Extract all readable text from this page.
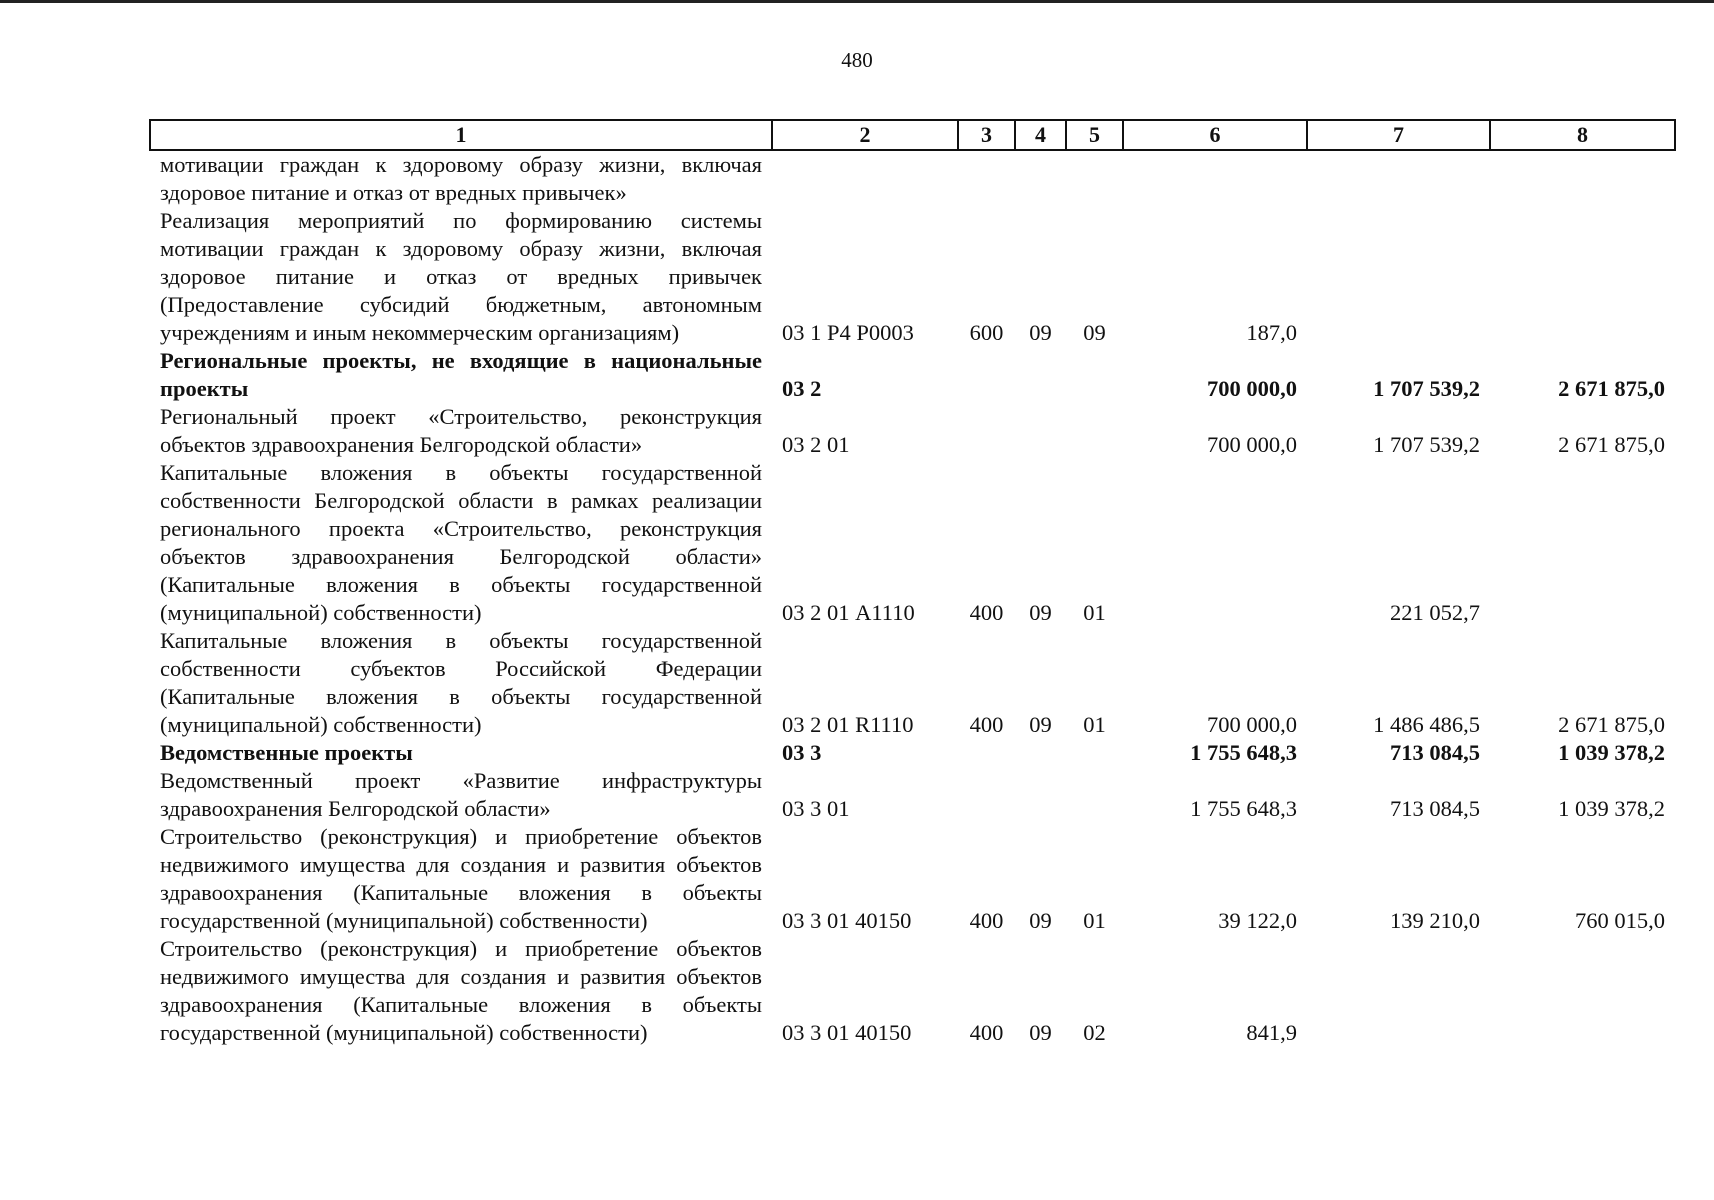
480
1	2	3	4	5	6	7	8
мотивации граждан к здоровому образу жизни, включая здоровое питание и отказ от вредных привычек»							
Реализация мероприятий по формированию системы мотивации граждан к здоровому образу жизни, включая здоровое питание и отказ от вредных привычек (Предоставление субсидий бюджетным, автономным учреждениям и иным некоммерческим организациям)	03 1 Р4 Р0003	600	09	09	187,0		
Региональные проекты, не входящие в национальные проекты	03 2				700 000,0	1 707 539,2	2 671 875,0
Региональный проект «Строительство, реконструкция объектов здравоохранения Белгородской области»	03 2 01				700 000,0	1 707 539,2	2 671 875,0
Капитальные вложения в объекты государственной собственности Белгородской области в рамках реализации регионального проекта «Строительство, реконструкция объектов здравоохранения Белгородской области» (Капитальные вложения в объекты государственной (муниципальной) собственности)	03 2 01 А1110	400	09	01		221 052,7	
Капитальные вложения в объекты государственной собственности субъектов Российской Федерации (Капитальные вложения в объекты государственной (муниципальной) собственности)	03 2 01 R1110	400	09	01	700 000,0	1 486 486,5	2 671 875,0
Ведомственные проекты	03 3				1 755 648,3	713 084,5	1 039 378,2
Ведомственный проект «Развитие инфраструктуры здравоохранения Белгородской области»	03 3 01				1 755 648,3	713 084,5	1 039 378,2
Строительство (реконструкция) и приобретение объектов недвижимого имущества для создания и развития объектов здравоохранения (Капитальные вложения в объекты государственной (муниципальной) собственности)	03 3 01 40150	400	09	01	39 122,0	139 210,0	760 015,0
Строительство (реконструкция) и приобретение объектов недвижимого имущества для создания и развития объектов здравоохранения (Капитальные вложения в объекты государственной (муниципальной) собственности)	03 3 01 40150	400	09	02	841,9		
